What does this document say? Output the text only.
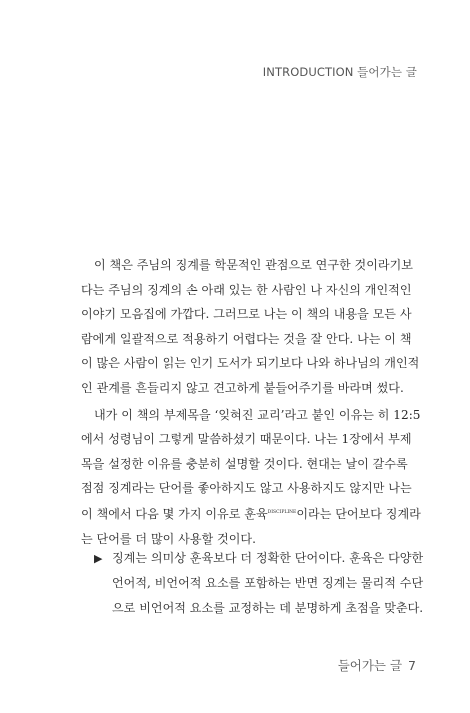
INTRODUCTION 들어가는 글

이 책은 주님의 징계를 학문적인 관점으로 연구한 것이라기보
다는 주님의 징계의 손 아래 있는 한 사람인 나 자신의 개인적인
이야기 모음집에 가깝다. 그러므로 나는 이 책의 내용을 모든 사
람에게 일괄적으로 적용하기 어렵다는 것을 잘 안다. 나는 이 책
이 많은 사람이 읽는 인기 도서가 되기보다 나와 하나님의 개인적
인 관계를 흔들리지 않고 견고하게 붙들어주기를 바라며 썼다.

내가 이 책의 부제목을 ‘잊혀진 교리’라고 붙인 이유는 히 12:5
에서 성령님이 그렇게 말씀하셨기 때문이다. 나는 1장에서 부제
목을 설정한 이유를 충분히 설명할 것이다. 현대는 날이 갈수록
점점 징계라는 단어를 좋아하지도 않고 사용하지도 않지만 나는
이 책에서 다음 몇 가지 이유로 훈육$^{DISCIPLINE}$이라는 단어보다 징계라
는 단어를 더 많이 사용할 것이다.

▶ 징계는 의미상 훈육보다 더 정확한 단어이다. 훈육은 다양한
언어적, 비언어적 요소를 포함하는 반면 징계는 물리적 수단
으로 비언어적 요소를 교정하는 데 분명하게 초점을 맞춘다.
들어가는 글 7
